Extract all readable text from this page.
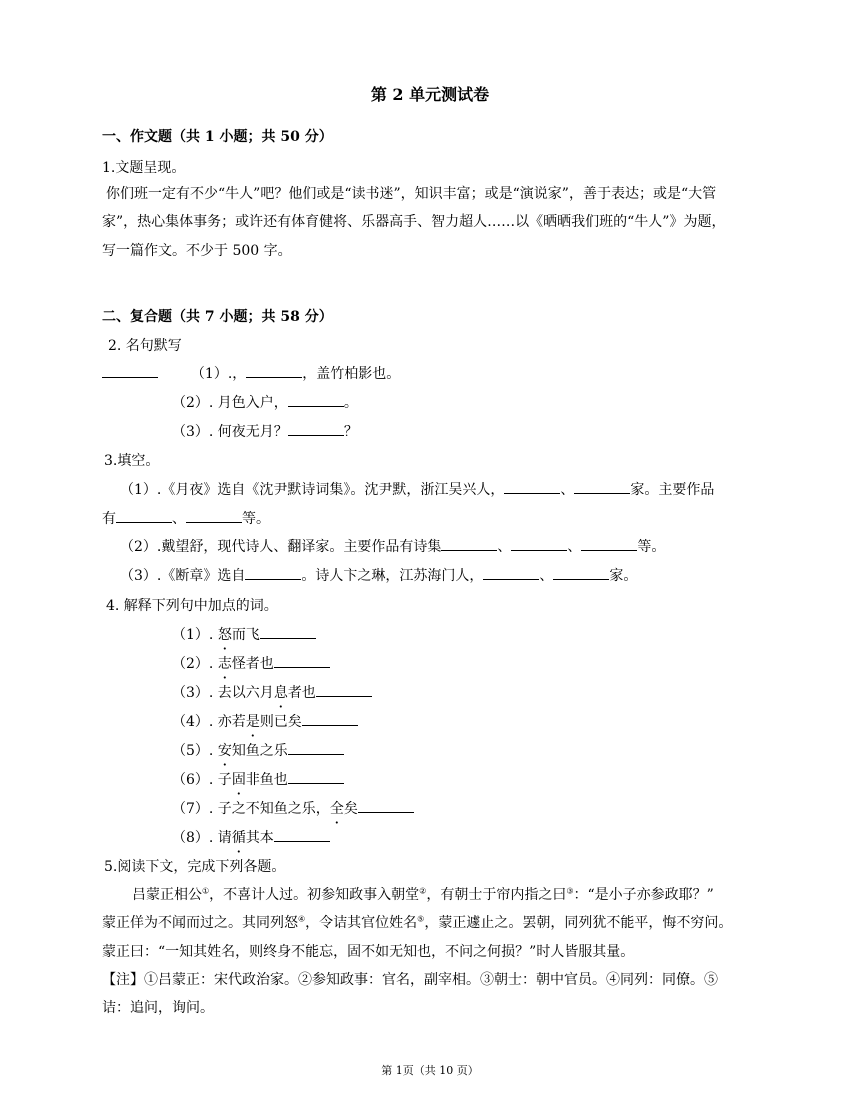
第 2 单元测试卷
一、作文题（共 1 小题；共 50 分）
1.文题呈现。
你们班一定有不少“牛人”吧？他们或是“读书迷”，知识丰富；或是“演说家”，善于表达；或是“大管
家”，热心集体事务；或许还有体育健将、乐器高手、智力超人……以《晒晒我们班的“牛人”》为题，
写一篇作文。不少于 500 字。
二、复合题（共 7 小题；共 58 分）
2. 名句默写
（1）.，	，盖竹柏影也。
（2）. 月色入户，	。
（3）. 何夜无月？	？
3.填空。
（1）.《月夜》选自《沈尹默诗词集》。沈尹默，浙江吴兴人，	、	家。主要作品
有	、	等。
（2）.戴望舒，现代诗人、翻译家。主要作品有诗集	、	、	等。
（3）.《断章》选自	。诗人卞之琳，江苏海门人，	、	家。
4. 解释下列句中加点的词。
（1）. 怒而飞
（2）. 志怪者也
（3）. 去以六月息者也
（4）. 亦若是则已矣
（5）. 安知鱼之乐
（6）. 子固非鱼也
（7）. 子之不知鱼之乐，全矣
（8）. 请循其本
5.阅读下文，完成下列各题。
吕蒙正相公①，不喜计人过。初参知政事入朝堂②，有朝士于帘内指之曰③：“是小子亦参政耶？”
蒙正佯为不闻而过之。其同列怒④，令诘其官位姓名⑤，蒙正遽止之。罢朝，同列犹不能平，悔不穷问。
蒙正曰：“一知其姓名，则终身不能忘，固不如无知也，不问之何损？”时人皆服其量。
【注】①吕蒙正：宋代政治家。②参知政事：官名，副宰相。③朝士：朝中官员。④同列：同僚。⑤
诘：追问，询问。
第 1页（共 10 页）
